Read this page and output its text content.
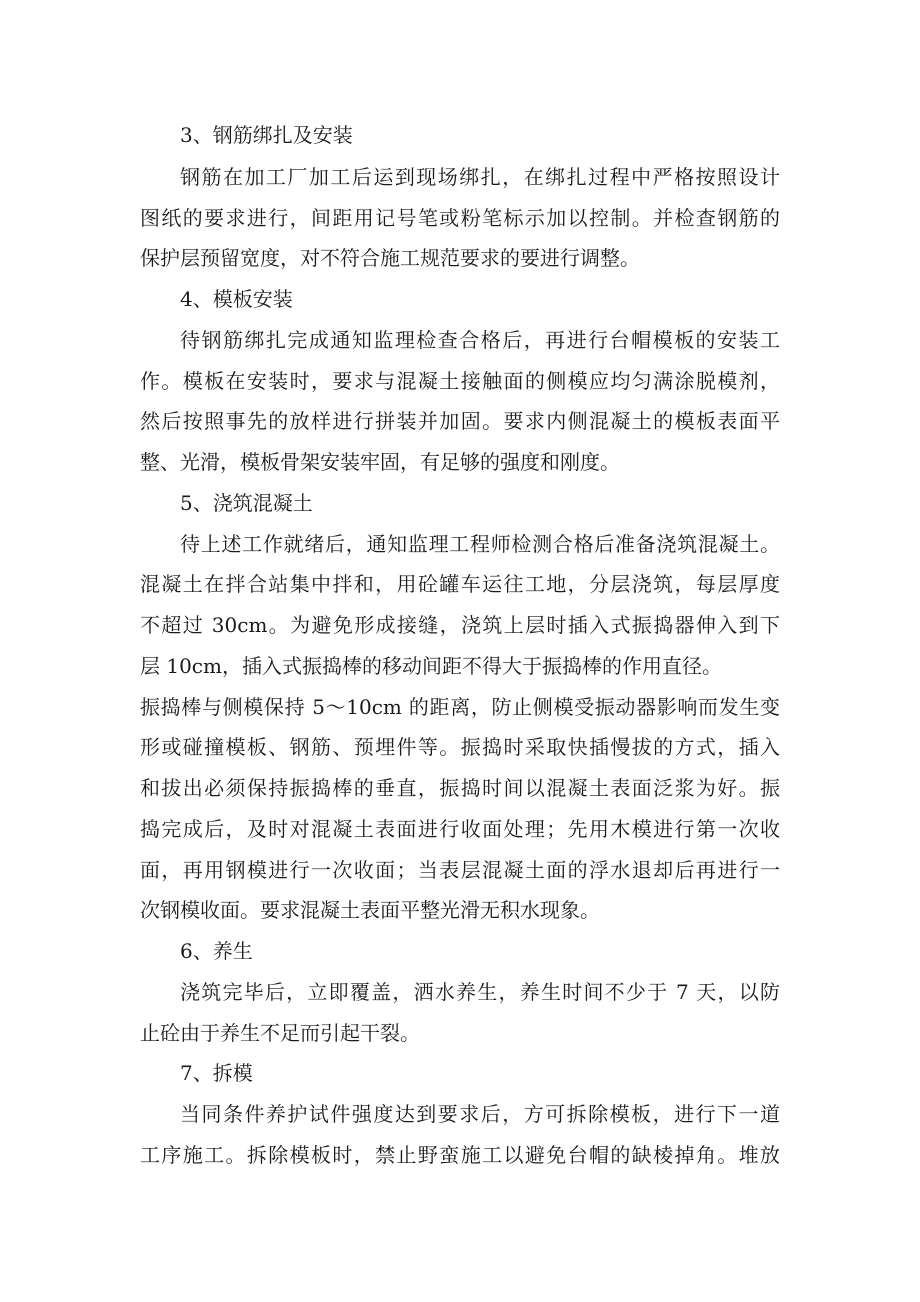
3、钢筋绑扎及安装
钢筋在加工厂加工后运到现场绑扎，在绑扎过程中严格按照设计
图纸的要求进行，间距用记号笔或粉笔标示加以控制。并检查钢筋的
保护层预留宽度，对不符合施工规范要求的要进行调整。
4、模板安装
待钢筋绑扎完成通知监理检查合格后，再进行台帽模板的安装工
作。模板在安装时，要求与混凝土接触面的侧模应均匀满涂脱模剂，
然后按照事先的放样进行拼装并加固。要求内侧混凝土的模板表面平
整、光滑，模板骨架安装牢固，有足够的强度和刚度。
5、浇筑混凝土
待上述工作就绪后，通知监理工程师检测合格后准备浇筑混凝土。
混凝土在拌合站集中拌和，用砼罐车运往工地，分层浇筑，每层厚度
不超过 30cm。为避免形成接缝，浇筑上层时插入式振捣器伸入到下
层 10cm，插入式振捣棒的移动间距不得大于振捣棒的作用直径。
振捣棒与侧模保持 5～10cm 的距离，防止侧模受振动器影响而发生变
形或碰撞模板、钢筋、预埋件等。振捣时采取快插慢拔的方式，插入
和拔出必须保持振捣棒的垂直，振捣时间以混凝土表面泛浆为好。振
捣完成后，及时对混凝土表面进行收面处理；先用木模进行第一次收
面，再用钢模进行一次收面；当表层混凝土面的浮水退却后再进行一
次钢模收面。要求混凝土表面平整光滑无积水现象。
6、养生
浇筑完毕后，立即覆盖，洒水养生，养生时间不少于 7 天，以防
止砼由于养生不足而引起干裂。
7、拆模
当同条件养护试件强度达到要求后，方可拆除模板，进行下一道
工序施工。拆除模板时，禁止野蛮施工以避免台帽的缺棱掉角。堆放
